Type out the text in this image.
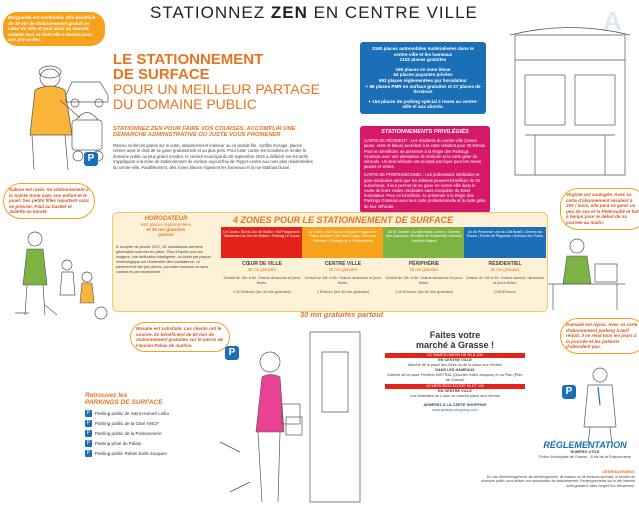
STATIONNEZ ZEN EN CENTRE VILLE	A
Marguerite est enchantée. Elle bénéficie de 30 mn de stationnement gratuit en cœur de ville et peut ainsi au marché acheter tout ce dont elle a besoin pour son pot-au-feu.
P
P
P
Sabine est ravie. Se stationnement à la Sainte Anne avec son enfant et le jouet. Ses petits filles repartent sans se presser. Paul au basket et Juliette au karaté.
LE STATIONNEMENT
DE SURFACE
POUR UN MEILLEUR PARTAGE
DU DOMAINE PUBLIC
STATIONNEZ ZEN POUR FAIRE VOS COURSES, ACCOMPLIR UNE DÉMARCHE ADMINISTRATIVE OU JUSTE VOUS PROMENER
Retenu renforcés gratos sur si votre, stationnement intérieur ou en double file, conflits d'usage, places créées avoir le droit de se garer gratuitement et au plus près. Pour lutter contre les incivilités et rendre le domaine public au plus grand nombre, le conseil municipal du 20 septembre 2016 a délibéré sur les tarifs s'appliquant à la zone de stationnement de surface aujourd'hui de l'hyper-centre aux rues plus résidentielles du centre-ville. Parallèlement, des zones bleues régissent les hameaux et la rue Mathias Duval.
3180 places automobiles matérialisées dans le centre-ville et les hameaux
2152 places gratuites
160 places en zone bleue
64 places payantes privées
692 places réglementées par horodateur
+ 85 places PMR en surface gratuites et 27 places de livraison
+ 154 places de parking spécial 2 roues au centre-ville et aux abords.
STATIONNEMENTS PRIVILÉGIÉS
CARTE DE RÉSIDENT : Les résidents du centre-ville (zones jaune, verte et bleue) accèdent à la carte résident pour 20 €/mois. Pour en bénéficier, se présenter à la Régie des Parkings Grassois avec une attestation de domicile et la carte grise du véhicule. Un seul véhicule est accepté par foyer pour les zones jaunes et vertes.
CARTE DE PROFESSIONNEL : Les professions médicales et para-médicales ainsi que les artisans peuvent bénéficier de 25 euros/mois. Il leur permet de se garer en centre-ville dans le cadre de leurs visites médicales sans s'acquitter du ticket horodateur. Pour en bénéficier, se présenter à la Régie des Parkings Grassois avec leur carte professionnelle et la carte grise de leur véhicule.
Virginie est soulagée. Avec sa carte d'abonnement résident à 20€ / mois, elle peut se garer un peu de ses et la Pétérouillé et fait à temps pour le début de sa journée au matin.
Damadé est réjoui. Avec sa carte d'abonnement parking à tarif réduit, il se rend tous les jours à la journée et les patients d'abondent pas.
4 ZONES POUR LE STATIONNEMENT DE SURFACE
Le Cours • Bd du Jeu de Ballon • Bd Fragonard • Boulevard du Jeu de Ballon • Parking Le Cours
CŒUR DE VILLE
30 mn gratuites
Gratuit de 19h à 8h. Gratuit dimanche et jours fériés.
2.00 €/heure (les 30 min gratuites)
Av Thiers • Bd Carnot • Square Fragonard • Place du Barri • Bd Victor Hugo • Rue des Palmiers • Parking de la Poissonnerie
CENTRE VILLE
30 mn gratuites
Gratuit de 19h à 8h. Gratuit dimanche et jours fériés.
2 €/heure (les 30 min gratuites)
Av M. Zanetti • Av Maréchal Leclerc • Chemin des Capucins • Bd Alice de Rothschild • Avenue Frédéric Mistral
PÉRIPHÉRIE
60 mn gratuites
Gratuit de 19h à 8h. Gratuit dimanche et jours fériés.
1.00 €/heure (les 60 min gratuites)
Av de Provence • Av du Cdt Bratti • Chemin du Roure • Route de Pégomas • Avenue des Ponts
RÉSIDENTIEL
60 mn gratuites
Gratuit de 19h à 8h. Gratuit samedi, dimanche et jours fériés.
0.50 €/heure
HORODATEUR
692 places réglementées
et 30 mn gratuites
partout
À compter de janvier 2017, 30 horodateurs dernière génération sont mis en place. Plus d'équité pour les usagers, une tarification intelligente, du ticket par plaque minéralogique sur l'ensemble des horodateurs. Le paiement se fait par pièces, par carte bancaire ou sans contact et par smartphone.
30 mn gratuites partout
Rosalie est satisfaite. Les clients ont le sourire. Ils bénéficient de 60 min de stationnement gratuites sur le parvis de l'ancien Palais de Justice.
Retrouvez les
PARKINGS DE SURFACE
P Parking public de Saint Honoré Lisbo
P Parking public de la Gare SNCF
P Parking public de la Poissonnerie
P Parking privé du Palais
P Parking public Relais Saint-Jacques
Faites votre
marché à Grasse !
LE SAMEDI MATIN DE 8h À 13h
EN CENTRE VILLE
Marché de la place aux Aires ou de la place aux Herbes
DANS LES HAMEAUX
Marché de la place Frédéric MISTRAL (Quartier Saint-Jacques) et du Plan (Plan de Grasse)
LE MERCREDI ENTRE 9h ET 13h
EN CENTRE VILLE
Les Matinales du Cours ou marché place aux Herbes
ADHÉREZ À LA CARTE SHOPPING
www.grasse-shopping.com
RÉGLEMENTATION
NUMÉRO UTILE
Police Municipale de Grasse - 6 bis de la Poissonnerie
DÉMÉNAGEMENT
En cas d'emménagement, de déménagement, de travaux ou de livraison spéciale, le service du domaine public vous délivre une autorisation de stationnement. Renseignements sur le site internet www.grasse.fr dans l'onglet Vos démarches.
